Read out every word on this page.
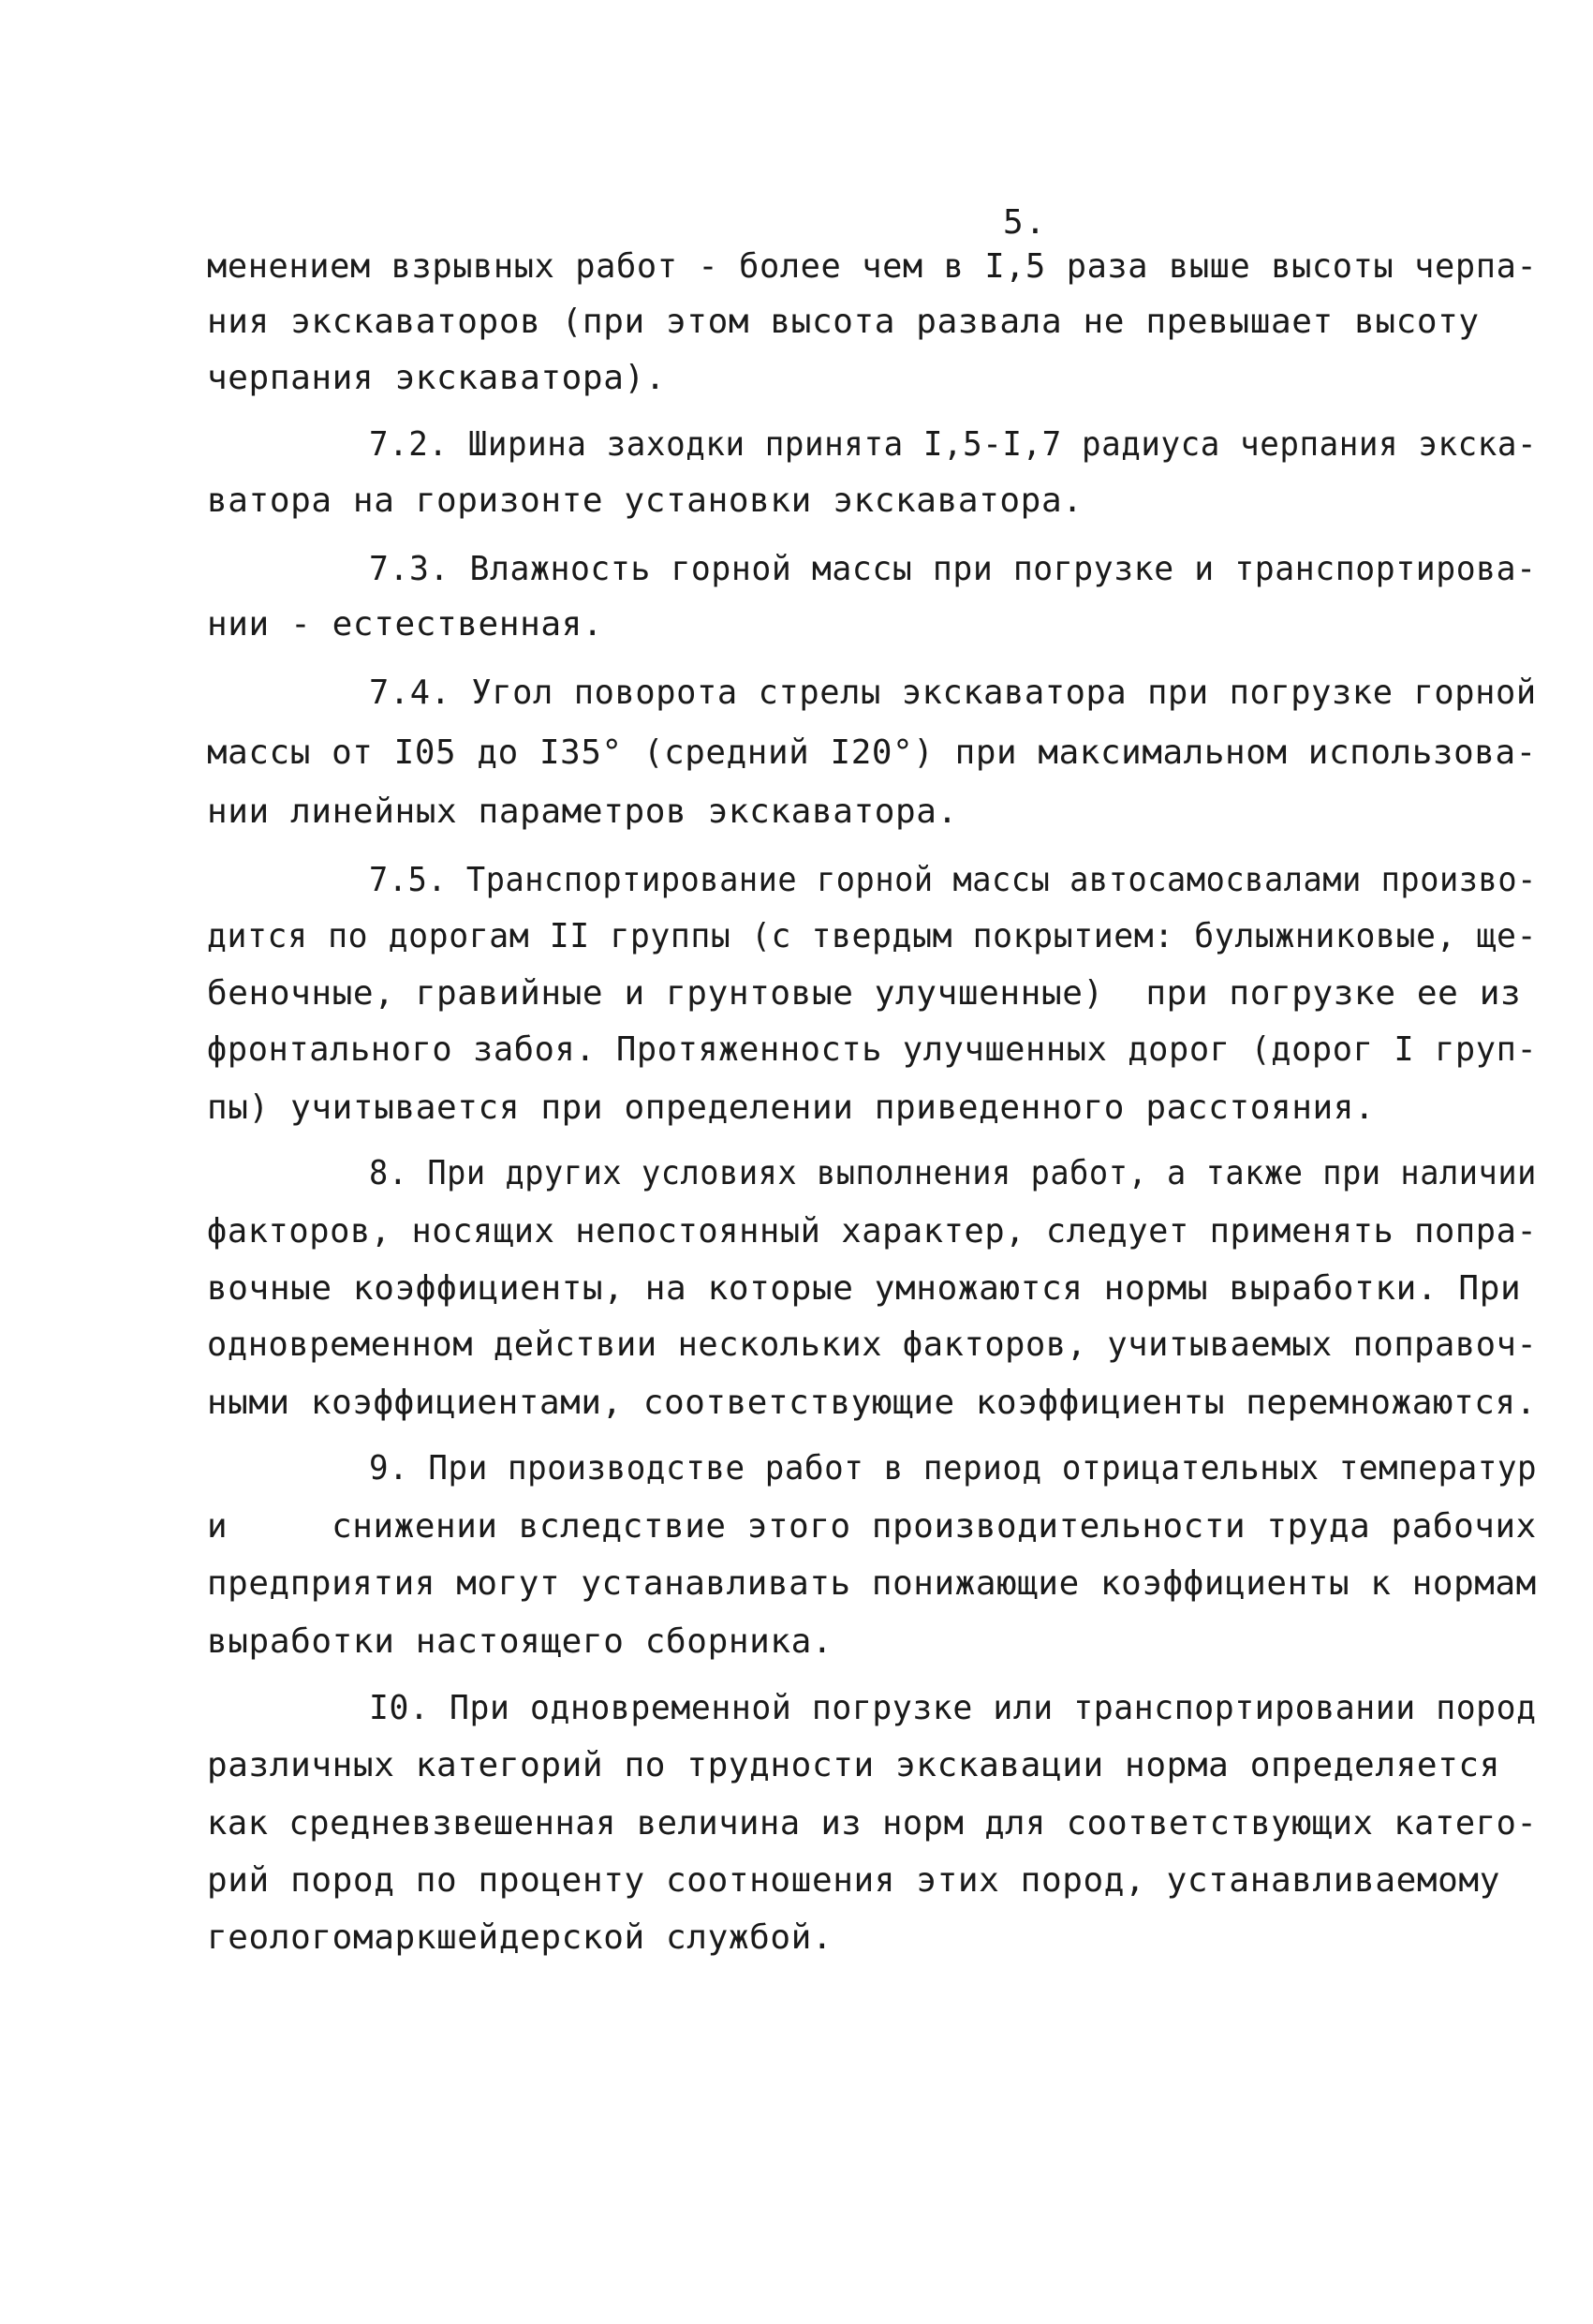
5.
менением взрывных работ - более чем в I,5 раза выше высоты черпа-
ния экскаваторов (при этом высота развала не превышает высоту
черпания экскаватора).
7.2. Ширина заходки принята I,5-I,7 радиуса черпания экска-
ватора на горизонте установки экскаватора.
7.3. Влажность горной массы при погрузке и транспортирова-
нии - естественная.
7.4. Угол поворота стрелы экскаватора при погрузке горной
массы от I05 до I35° (средний I20°) при максимальном использова-
нии линейных параметров экскаватора.
7.5. Транспортирование горной массы автосамосвалами произво-
дится по дорогам II группы (с твердым покрытием: булыжниковые, ще-
беночные, гравийные и грунтовые улучшенные)  при погрузке ее из
фронтального забоя. Протяженность улучшенных дорог (дорог I груп-
пы) учитывается при определении приведенного расстояния.
8. При других условиях выполнения работ, а также при наличии
факторов, носящих непостоянный характер, следует применять попра-
вочные коэффициенты, на которые умножаются нормы выработки. При
одновременном действии нескольких факторов, учитываемых поправоч-
ными коэффициентами, соответствующие коэффициенты перемножаются.
9. При производстве работ в период отрицательных температур
и     снижении вследствие этого производительности труда рабочих
предприятия могут устанавливать понижающие коэффициенты к нормам
выработки настоящего сборника.
I0. При одновременной погрузке или транспортировании пород
различных категорий по трудности экскавации норма определяется
как средневзвешенная величина из норм для соответствующих катего-
рий пород по проценту соотношения этих пород, устанавливаемому
геологомаркшейдерской службой.
